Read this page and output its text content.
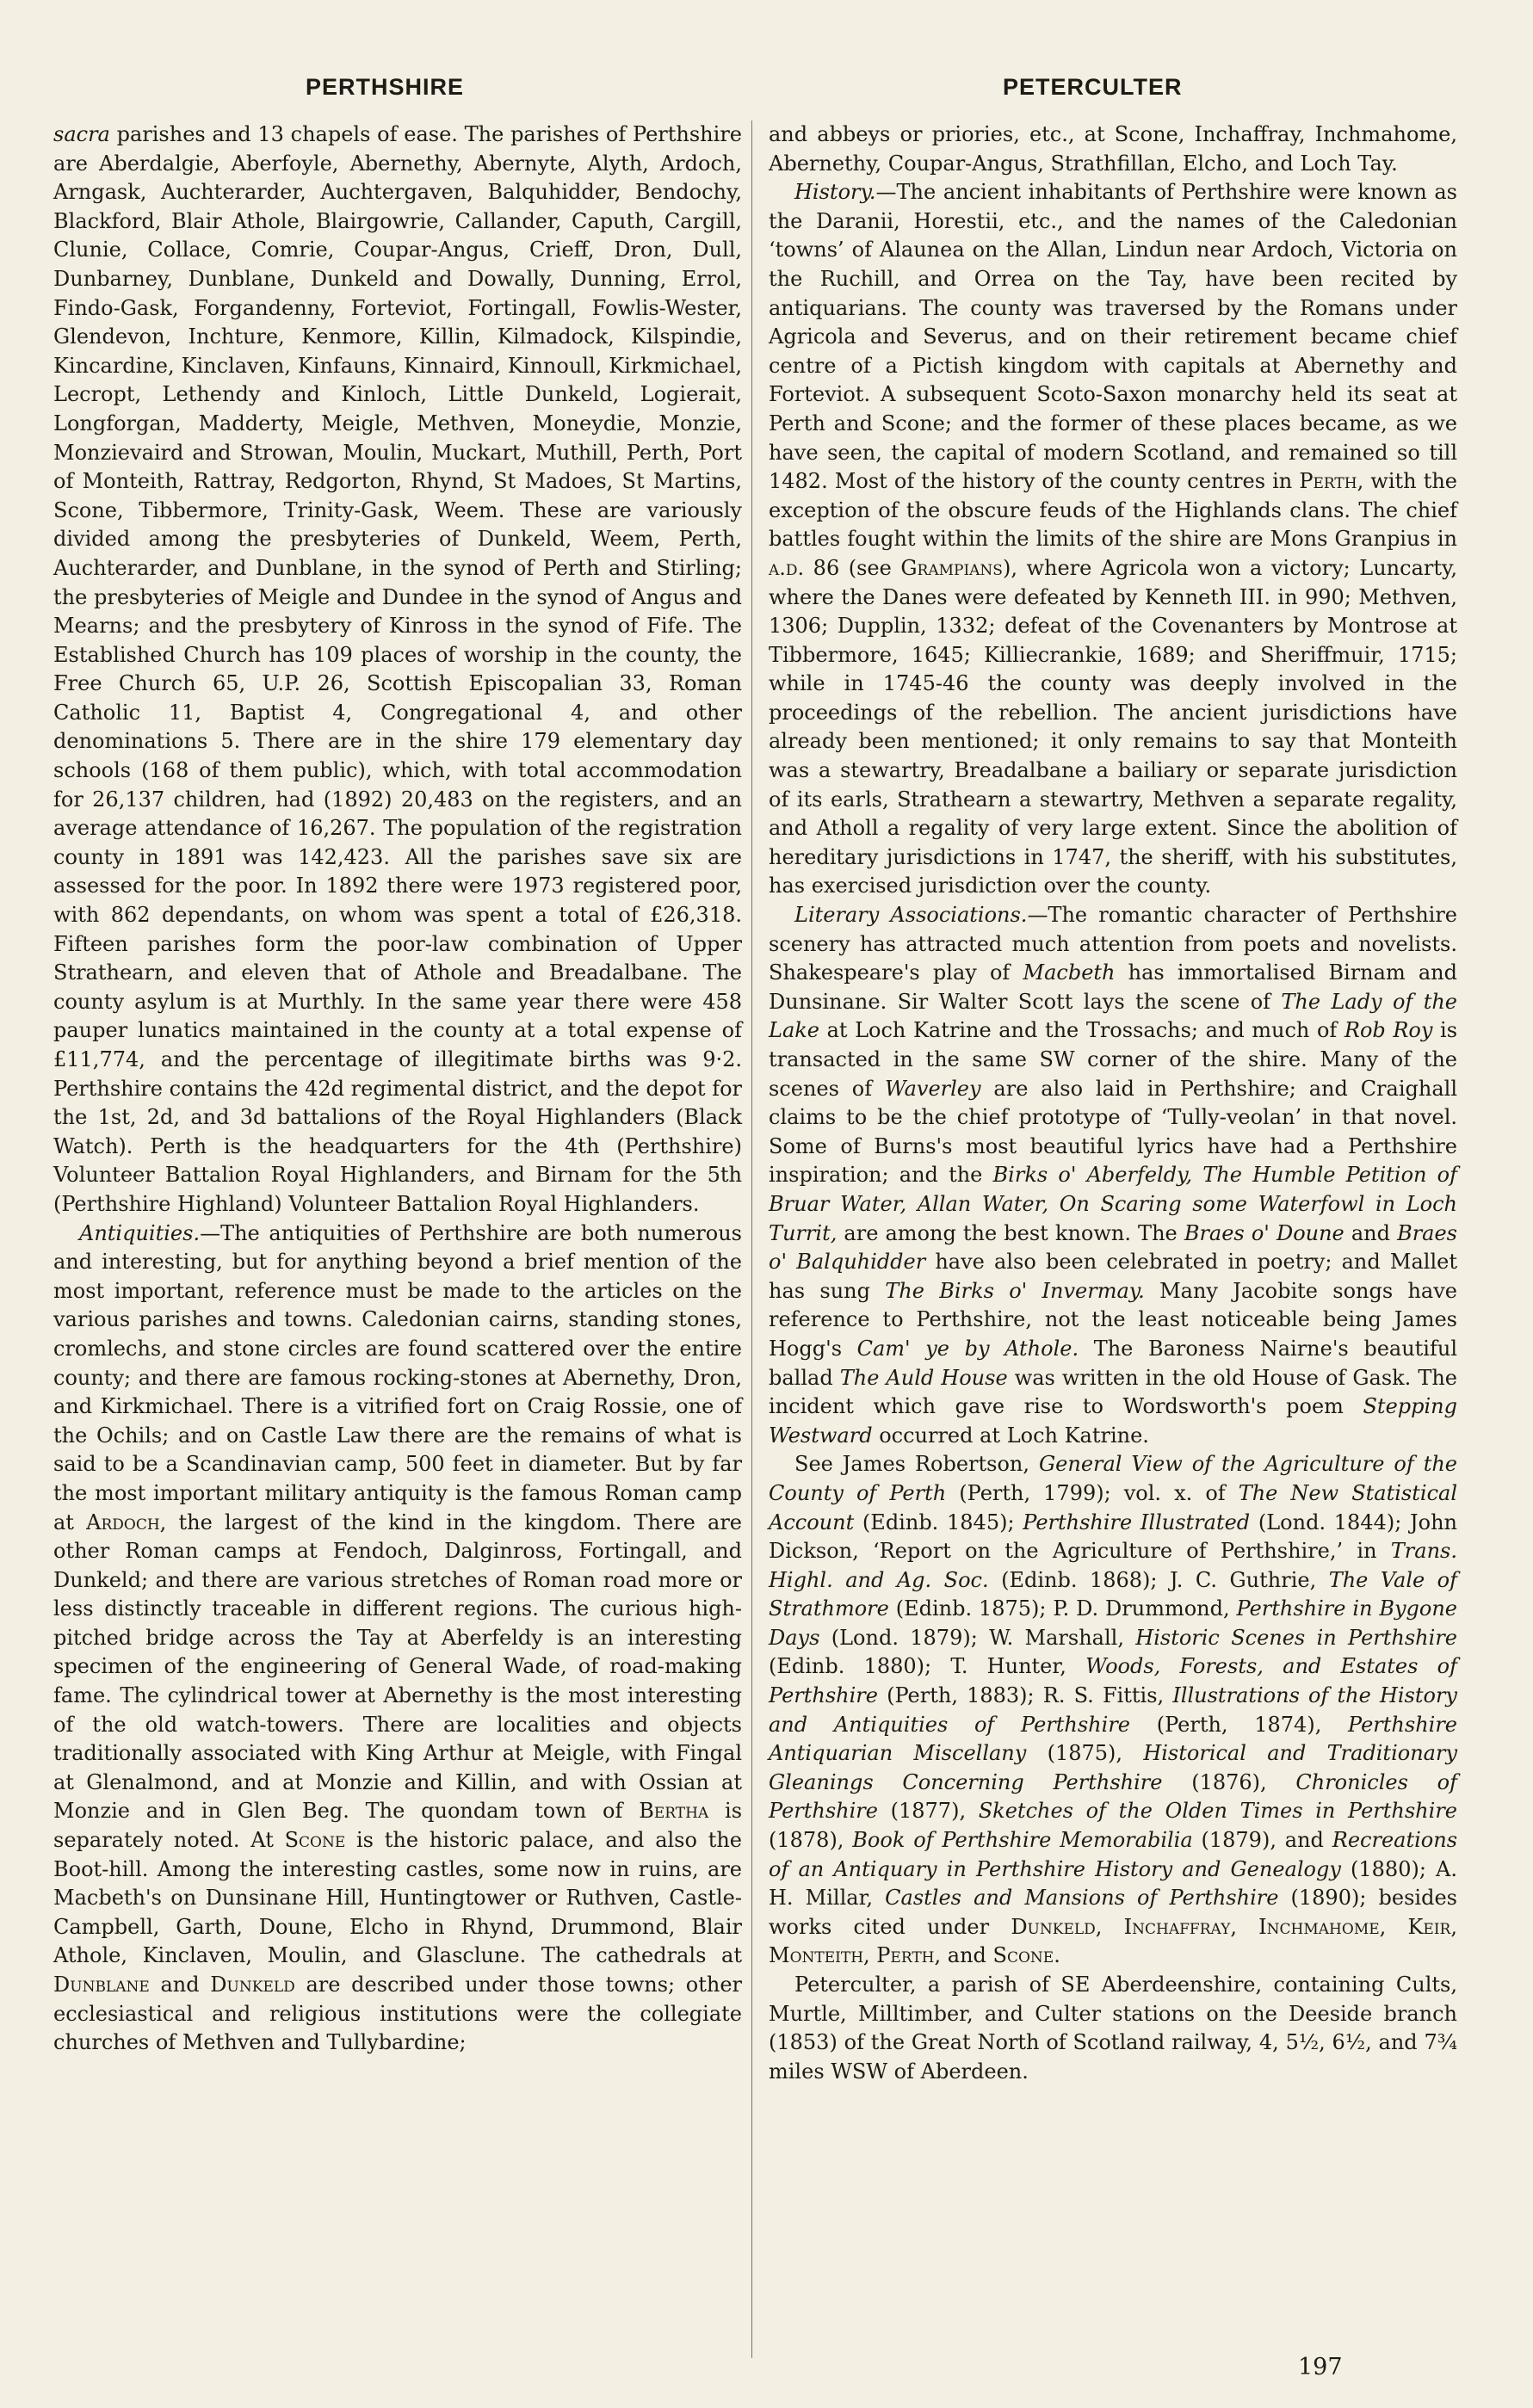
PERTHSHIRE	PETERCULTER

sacra parishes and 13 chapels of ease. The parishes of Perthshire are Aberdalgie, Aberfoyle, Abernethy, Abernyte, Alyth, Ardoch, Arngask, Auchterarder, Auchtergaven, Balquhidder, Bendochy, Blackford, Blair Athole, Blairgowrie, Callander, Caputh, Cargill, Clunie, Collace, Comrie, Coupar-Angus, Crieff, Dron, Dull, Dunbarney, Dunblane, Dunkeld and Dowally, Dunning, Errol, Findo-Gask, Forgandenny, Forteviot, Fortingall, Fowlis-Wester, Glendevon, Inchture, Kenmore, Killin, Kilmadock, Kilspindie, Kincardine, Kinclaven, Kinfauns, Kinnaird, Kinnoull, Kirkmichael, Lecropt, Lethendy and Kinloch, Little Dunkeld, Logierait, Longforgan, Madderty, Meigle, Methven, Moneydie, Monzie, Monzievaird and Strowan, Moulin, Muckart, Muthill, Perth, Port of Monteith, Rattray, Redgorton, Rhynd, St Madoes, St Martins, Scone, Tibbermore, Trinity-Gask, Weem. These are variously divided among the presbyteries of Dunkeld, Weem, Perth, Auchterarder, and Dunblane, in the synod of Perth and Stirling; the presbyteries of Meigle and Dundee in the synod of Angus and Mearns; and the presbytery of Kinross in the synod of Fife. The Established Church has 109 places of worship in the county, the Free Church 65, U.P. 26, Scottish Episcopalian 33, Roman Catholic 11, Baptist 4, Congregational 4, and other denominations 5. There are in the shire 179 elementary day schools (168 of them public), which, with total accommodation for 26,137 children, had (1892) 20,483 on the registers, and an average attendance of 16,267. The population of the registration county in 1891 was 142,423. All the parishes save six are assessed for the poor. In 1892 there were 1973 registered poor, with 862 dependants, on whom was spent a total of £26,318. Fifteen parishes form the poor-law combination of Upper Strathearn, and eleven that of Athole and Breadalbane. The county asylum is at Murthly. In the same year there were 458 pauper lunatics maintained in the county at a total expense of £11,774, and the percentage of illegitimate births was 9·2. Perthshire contains the 42d regimental district, and the depot for the 1st, 2d, and 3d battalions of the Royal Highlanders (Black Watch). Perth is the headquarters for the 4th (Perthshire) Volunteer Battalion Royal Highlanders, and Birnam for the 5th (Perthshire Highland) Volunteer Battalion Royal Highlanders.

Antiquities.—The antiquities of Perthshire are both numerous and interesting, but for anything beyond a brief mention of the most important, reference must be made to the articles on the various parishes and towns. Caledonian cairns, standing stones, cromlechs, and stone circles are found scattered over the entire county; and there are famous rocking-stones at Abernethy, Dron, and Kirkmichael. There is a vitrified fort on Craig Rossie, one of the Ochils; and on Castle Law there are the remains of what is said to be a Scandinavian camp, 500 feet in diameter. But by far the most important military antiquity is the famous Roman camp at Ardoch, the largest of the kind in the kingdom. There are other Roman camps at Fendoch, Dalginross, Fortingall, and Dunkeld; and there are various stretches of Roman road more or less distinctly traceable in different regions. The curious high-pitched bridge across the Tay at Aberfeldy is an interesting specimen of the engineering of General Wade, of road-making fame. The cylindrical tower at Abernethy is the most interesting of the old watch-towers. There are localities and objects traditionally associated with King Arthur at Meigle, with Fingal at Glenalmond, and at Monzie and Killin, and with Ossian at Monzie and in Glen Beg. The quondam town of Bertha is separately noted. At Scone is the historic palace, and also the Boot-hill. Among the interesting castles, some now in ruins, are Macbeth's on Dunsinane Hill, Huntingtower or Ruthven, Castle-Campbell, Garth, Doune, Elcho in Rhynd, Drummond, Blair Athole, Kinclaven, Moulin, and Glasclune. The cathedrals at Dunblane and Dunkeld are described under those towns; other ecclesiastical and religious institutions were the collegiate churches of Methven and Tullybardine;

and abbeys or priories, etc., at Scone, Inchaffray, Inchmahome, Abernethy, Coupar-Angus, Strathfillan, Elcho, and Loch Tay.

History.—The ancient inhabitants of Perthshire were known as the Daranii, Horestii, etc., and the names of the Caledonian ‘towns’ of Alaunea on the Allan, Lindun near Ardoch, Victoria on the Ruchill, and Orrea on the Tay, have been recited by antiquarians. The county was traversed by the Romans under Agricola and Severus, and on their retirement became chief centre of a Pictish kingdom with capitals at Abernethy and Forteviot. A subsequent Scoto-Saxon monarchy held its seat at Perth and Scone; and the former of these places became, as we have seen, the capital of modern Scotland, and remained so till 1482. Most of the history of the county centres in Perth, with the exception of the obscure feuds of the Highlands clans. The chief battles fought within the limits of the shire are Mons Granpius in a.d. 86 (see Grampians), where Agricola won a victory; Luncarty, where the Danes were defeated by Kenneth III. in 990; Methven, 1306; Dupplin, 1332; defeat of the Covenanters by Montrose at Tibbermore, 1645; Killiecrankie, 1689; and Sheriffmuir, 1715; while in 1745-46 the county was deeply involved in the proceedings of the rebellion. The ancient jurisdictions have already been mentioned; it only remains to say that Monteith was a stewartry, Breadalbane a bailiary or separate jurisdiction of its earls, Strathearn a stewartry, Methven a separate regality, and Atholl a regality of very large extent. Since the abolition of hereditary jurisdictions in 1747, the sheriff, with his substitutes, has exercised jurisdiction over the county.

Literary Associations.—The romantic character of Perthshire scenery has attracted much attention from poets and novelists. Shakespeare's play of Macbeth has immortalised Birnam and Dunsinane. Sir Walter Scott lays the scene of The Lady of the Lake at Loch Katrine and the Trossachs; and much of Rob Roy is transacted in the same SW corner of the shire. Many of the scenes of Waverley are also laid in Perthshire; and Craighall claims to be the chief prototype of ‘Tully-veolan’ in that novel. Some of Burns's most beautiful lyrics have had a Perthshire inspiration; and the Birks o' Aberfeldy, The Humble Petition of Bruar Water, Allan Water, On Scaring some Waterfowl in Loch Turrit, are among the best known. The Braes o' Doune and Braes o' Balquhidder have also been celebrated in poetry; and Mallet has sung The Birks o' Invermay. Many Jacobite songs have reference to Perthshire, not the least noticeable being James Hogg's Cam' ye by Athole. The Baroness Nairne's beautiful ballad The Auld House was written in the old House of Gask. The incident which gave rise to Wordsworth's poem Stepping Westward occurred at Loch Katrine.

See James Robertson, General View of the Agriculture of the County of Perth (Perth, 1799); vol. x. of The New Statistical Account (Edinb. 1845); Perthshire Illustrated (Lond. 1844); John Dickson, ‘Report on the Agriculture of Perthshire,’ in Trans. Highl. and Ag. Soc. (Edinb. 1868); J. C. Guthrie, The Vale of Strathmore (Edinb. 1875); P. D. Drummond, Perthshire in Bygone Days (Lond. 1879); W. Marshall, Historic Scenes in Perthshire (Edinb. 1880); T. Hunter, Woods, Forests, and Estates of Perthshire (Perth, 1883); R. S. Fittis, Illustrations of the History and Antiquities of Perthshire (Perth, 1874), Perthshire Antiquarian Miscellany (1875), Historical and Traditionary Gleanings Concerning Perthshire (1876), Chronicles of Perthshire (1877), Sketches of the Olden Times in Perthshire (1878), Book of Perthshire Memorabilia (1879), and Recreations of an Antiquary in Perthshire History and Genealogy (1880); A. H. Millar, Castles and Mansions of Perthshire (1890); besides works cited under Dunkeld, Inchaffray, Inchmahome, Keir, Monteith, Perth, and Scone.

Peterculter, a parish of SE Aberdeenshire, containing Cults, Murtle, Milltimber, and Culter stations on the Deeside branch (1853) of the Great North of Scotland railway, 4, 5½, 6½, and 7¾ miles WSW of Aberdeen.

197
